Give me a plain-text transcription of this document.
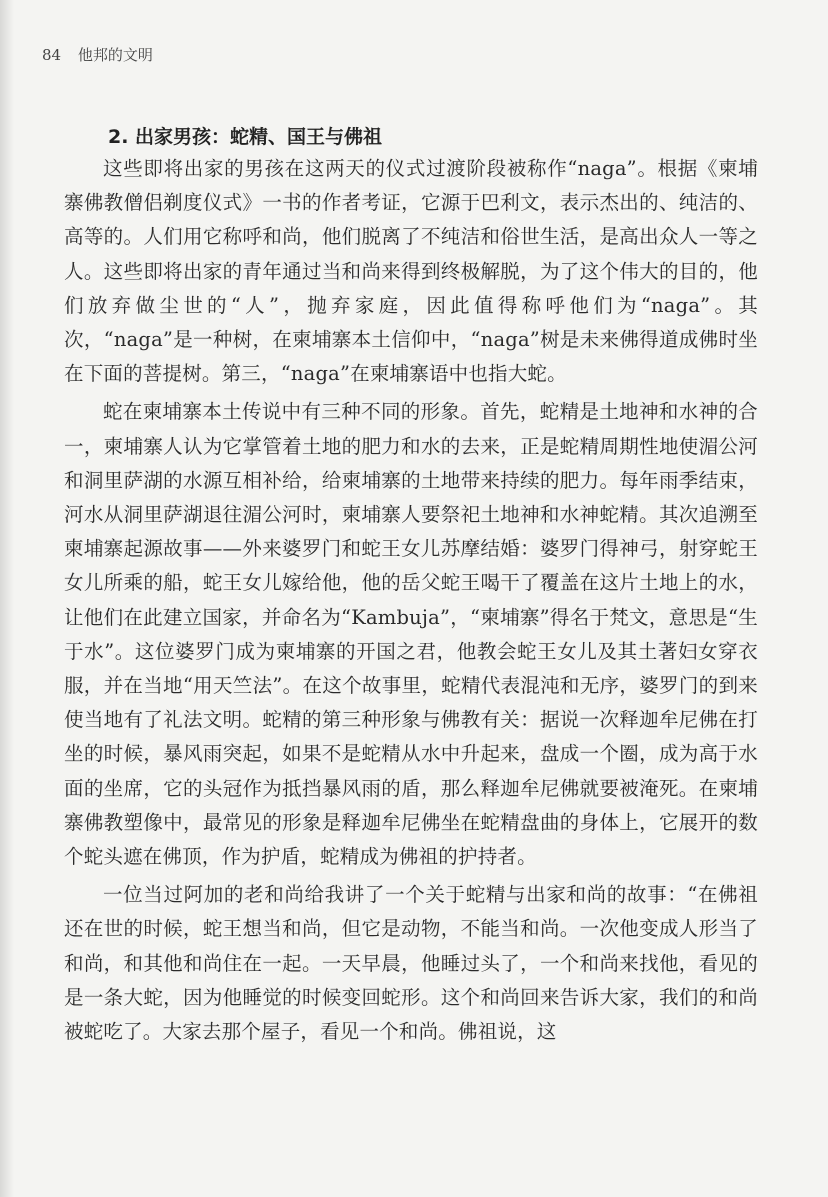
84 他邦的文明
2. 出家男孩：蛇精、国王与佛祖

这些即将出家的男孩在这两天的仪式过渡阶段被称作“naga”。根据《柬埔寨佛教僧侣剃度仪式》一书的作者考证，它源于巴利文，表示杰出的、纯洁的、高等的。人们用它称呼和尚，他们脱离了不纯洁和俗世生活，是高出众人一等之人。这些即将出家的青年通过当和尚来得到终极解脱，为了这个伟大的目的，他们放弃做尘世的“人”，抛弃家庭，因此值得称呼他们为“naga”。其次，“naga”是一种树，在柬埔寨本土信仰中，“naga”树是未来佛得道成佛时坐在下面的菩提树。第三，“naga”在柬埔寨语中也指大蛇。

蛇在柬埔寨本土传说中有三种不同的形象。首先，蛇精是土地神和水神的合一，柬埔寨人认为它掌管着土地的肥力和水的去来，正是蛇精周期性地使湄公河和洞里萨湖的水源互相补给，给柬埔寨的土地带来持续的肥力。每年雨季结束，河水从洞里萨湖退往湄公河时，柬埔寨人要祭祀土地神和水神蛇精。其次追溯至柬埔寨起源故事——外来婆罗门和蛇王女儿苏摩结婚：婆罗门得神弓，射穿蛇王女儿所乘的船，蛇王女儿嫁给他，他的岳父蛇王喝干了覆盖在这片土地上的水，让他们在此建立国家，并命名为“Kambuja”，“柬埔寨”得名于梵文，意思是“生于水”。这位婆罗门成为柬埔寨的开国之君，他教会蛇王女儿及其土著妇女穿衣服，并在当地“用天竺法”。在这个故事里，蛇精代表混沌和无序，婆罗门的到来使当地有了礼法文明。蛇精的第三种形象与佛教有关：据说一次释迦牟尼佛在打坐的时候，暴风雨突起，如果不是蛇精从水中升起来，盘成一个圈，成为高于水面的坐席，它的头冠作为抵挡暴风雨的盾，那么释迦牟尼佛就要被淹死。在柬埔寨佛教塑像中，最常见的形象是释迦牟尼佛坐在蛇精盘曲的身体上，它展开的数个蛇头遮在佛顶，作为护盾，蛇精成为佛祖的护持者。

一位当过阿加的老和尚给我讲了一个关于蛇精与出家和尚的故事：“在佛祖还在世的时候，蛇王想当和尚，但它是动物，不能当和尚。一次他变成人形当了和尚，和其他和尚住在一起。一天早晨，他睡过头了，一个和尚来找他，看见的是一条大蛇，因为他睡觉的时候变回蛇形。这个和尚回来告诉大家，我们的和尚被蛇吃了。大家去那个屋子，看见一个和尚。佛祖说，这
